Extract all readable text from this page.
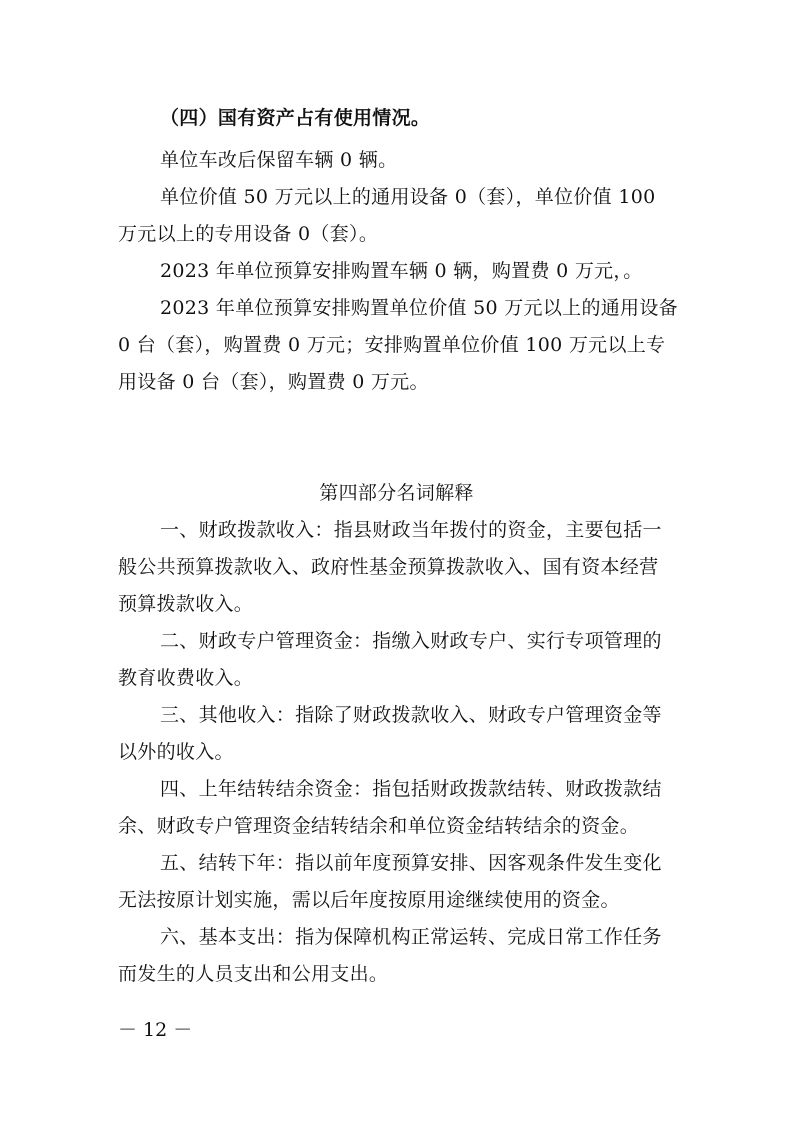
（四）国有资产占有使用情况。
单位车改后保留车辆 0 辆。
单位价值 50 万元以上的通用设备 0（套），单位价值 100
万元以上的专用设备 0（套）。
2023 年单位预算安排购置车辆 0 辆，购置费 0 万元，。
2023 年单位预算安排购置单位价值 50 万元以上的通用设备
0 台（套），购置费 0 万元；安排购置单位价值 100 万元以上专
用设备 0 台（套），购置费 0 万元。
第四部分名词解释
一、财政拨款收入：指县财政当年拨付的资金，主要包括一
般公共预算拨款收入、政府性基金预算拨款收入、国有资本经营
预算拨款收入。
二、财政专户管理资金：指缴入财政专户、实行专项管理的
教育收费收入。
三、其他收入：指除了财政拨款收入、财政专户管理资金等
以外的收入。
四、上年结转结余资金：指包括财政拨款结转、财政拨款结
余、财政专户管理资金结转结余和单位资金结转结余的资金。
五、结转下年：指以前年度预算安排、因客观条件发生变化
无法按原计划实施，需以后年度按原用途继续使用的资金。
六、基本支出：指为保障机构正常运转、完成日常工作任务
而发生的人员支出和公用支出。
－ 12 －
